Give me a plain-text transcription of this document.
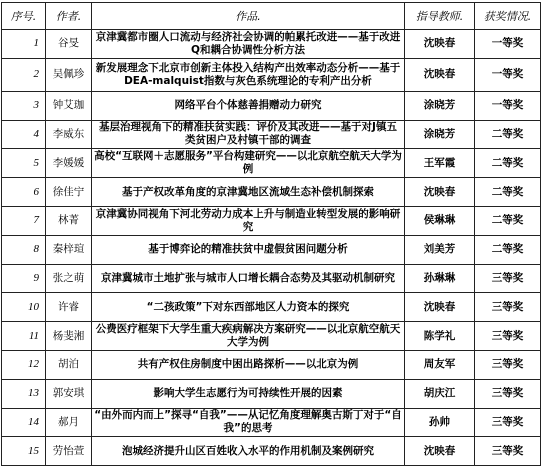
序号.	作者.	作品.	指导教师.	获奖情况.
1	谷旻	京津冀都市圈人口流动与经济社会协调的帕累托改进——基于改进Q和耦合协调性分析方法	沈映春	一等奖
2	吴佩珍	新发展理念下北京市创新主体投入结构产出效率动态分析——基于DEA-malquist指数与灰色系统理论的专利产出分析	沈映春	一等奖
3	钟艾珈	网络平台个体慈善捐赠动力研究	涂晓芳	一等奖
4	李威东	基层治理视角下的精准扶贫实践：评价及其改进——基于对J镇五类贫困户及村镇干部的调查	涂晓芳	二等奖
5	李媛媛	高校“互联网＋志愿服务”平台构建研究——以北京航空航天大学为例	王军霞	二等奖
6	徐佳宁	基于产权改革角度的京津冀地区流域生态补偿机制探索	沈映春	二等奖
7	林菁	京津冀协同视角下河北劳动力成本上升与制造业转型发展的影响研究	侯琳琳	二等奖
8	秦梓瑄	基于博弈论的精准扶贫中虚假贫困问题分析	刘美芳	二等奖
9	张之萌	京津冀城市土地扩张与城市人口增长耦合态势及其驱动机制研究	孙琳琳	三等奖
10	许睿	“二孩政策”下对东西部地区人力资本的探究	沈映春	三等奖
11	杨斐湘	公费医疗框架下大学生重大疾病解决方案研究——以北京航空航天大学为例	陈学礼	三等奖
12	胡泊	共有产权住房制度中困出路探析——以北京为例	周友军	三等奖
13	郭安琪	影响大学生志愿行为可持续性开展的因素	胡庆江	三等奖
14	郝月	“由外而内而上”探寻“自我”——从记忆角度理解奥古斯丁对于“自我”的思考	孙帅	三等奖
15	劳怡萱	泡城经济提升山区百姓收入水平的作用机制及案例研究	沈映春	三等奖
